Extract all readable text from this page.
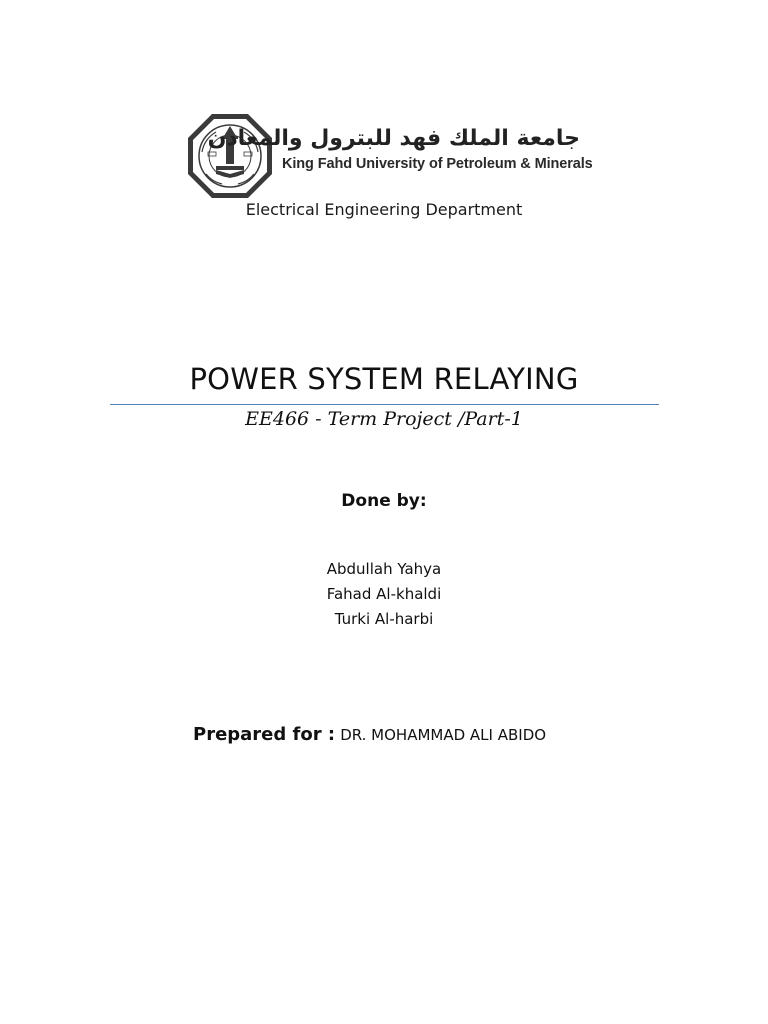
جامعة الملك فهد للبترول والمعادن
King Fahd University of Petroleum & Minerals
Electrical Engineering Department
POWER SYSTEM RELAYING
EE466 - Term Project /Part-1
Done by:
Abdullah Yahya
Fahad Al-khaldi
Turki Al-harbi
Prepared for : DR. MOHAMMAD ALI ABIDO
